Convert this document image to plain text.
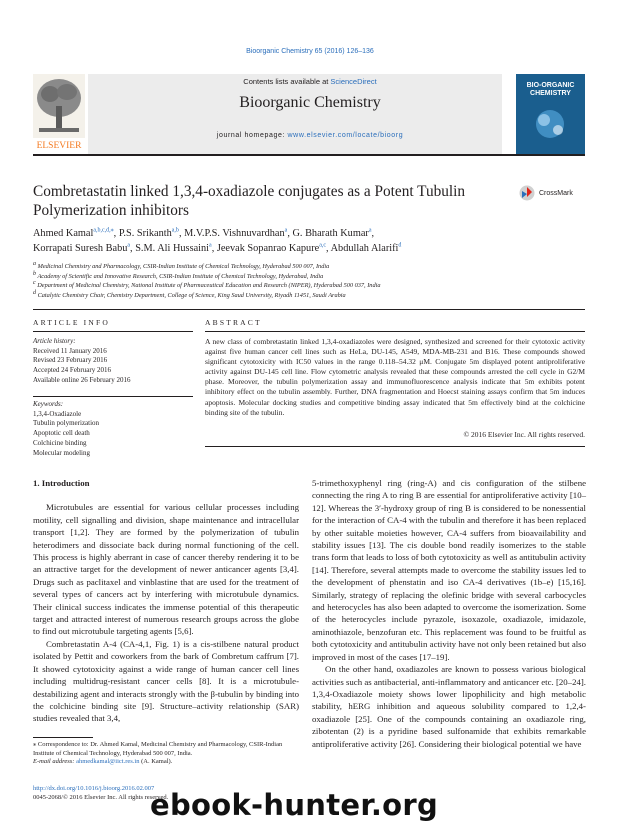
Bioorganic Chemistry 65 (2016) 126–136
Contents lists available at ScienceDirect
Bioorganic Chemistry
journal homepage: www.elsevier.com/locate/bioorg
ELSEVIER
BIO-ORGANIC
CHEMISTRY
Combretastatin linked 1,3,4-oxadiazole conjugates as a Potent Tubulin Polymerization inhibitors
CrossMark
Ahmed Kamal$^{a,b,c,d,⁎}$, P.S. Srikanth$^{a,b}$, M.V.P.S. Vishnuvardhan$^a$, G. Bharath Kumar$^a$,
Korrapati Suresh Babu$^a$, S.M. Ali Hussaini$^a$, Jeevak Sopanrao Kapure$^{a,c}$, Abdullah Alarifi$^d$
$^a$ Medicinal Chemistry and Pharmacology, CSIR-Indian Institute of Chemical Technology, Hyderabad 500 007, India
$^b$ Academy of Scientific and Innovative Research, CSIR-Indian Institute of Chemical Technology, Hyderabad, India
$^c$ Department of Medicinal Chemistry, National Institute of Pharmaceutical Education and Research (NIPER), Hyderabad 500 037, India
$^d$ Catalytic Chemistry Chair, Chemistry Department, College of Science, King Saud University, Riyadh 11451, Saudi Arabia
ARTICLE INFO	ABSTRACT
Article history:
Received 11 January 2016
Revised 23 February 2016
Accepted 24 February 2016
Available online 26 February 2016
Keywords:
1,3,4-Oxadiazole
Tubulin polymerization
Apoptotic cell death
Colchicine binding
Molecular modeling
A new class of combretastatin linked 1,3,4-oxadiazoles were designed, synthesized and screened for their cytotoxic activity against five human cancer cell lines such as HeLa, DU-145, A549, MDA-MB-231 and B16. These compounds showed significant cytotoxicity with IC50 values in the range 0.118–54.32 μM. Conjugate 5m displayed potent antiproliferative activity against DU-145 cell line. Flow cytometric analysis revealed that these compounds arrested the cell cycle in G2/M phase. Moreover, the tubulin polymerization assay and immunofluorescence analysis indicate that 5m exhibits potent inhibitory effect on the tubulin assembly. Further, DNA fragmentation and Hoecst staining assays confirm that 5m induces apoptosis. Molecular docking studies and competitive binding assay indicated that 5m effectively bind at the colchicine binding site of the tubulin.
© 2016 Elsevier Inc. All rights reserved.

1. Introduction

Microtubules are essential for various cellular processes including motility, cell signalling and division, shape maintenance and intracellular transport [1,2]. They are formed by the polymerization of tubulin heterodimers and dissociate back during normal functioning of the cell. This process is highly aberrant in case of cancer thereby rendering it to be an attractive target for the development of newer anticancer agents [3,4]. Drugs such as paclitaxel and vinblastine that are used for the treatment of several types of cancers act by interfering with microtubule dynamics. Their clinical success indicates the immense potential of this therapeutic target and attracted interest of numerous research groups across the globe to find out microtubule targeting agents [5,6].

Combretastatin A-4 (CA-4,1, Fig. 1) is a cis-stilbene natural product isolated by Pettit and coworkers from the bark of Combretum caffrum [7]. It showed cytotoxicity against a wide range of human cancer cell lines including multidrug-resistant cancer cells [8]. It is a microtubule-destabilizing agent and interacts strongly with the β-tubulin by binding into the colchicine binding site [9]. Structure–activity relationship (SAR) studies revealed that 3,4,

5-trimethoxyphenyl ring (ring-A) and cis configuration of the stilbene connecting the ring A to ring B are essential for antiproliferative activity [10–12]. Whereas the 3′-hydroxy group of ring B is considered to be nonessential for the interaction of CA-4 with the tubulin and therefore it has been replaced by other suitable moieties however, CA-4 suffers from bioavailability and stability issues [13]. The cis double bond readily isomerizes to the stable trans form that leads to loss of both cytotoxicity as well as antitubulin activity [14]. Therefore, several attempts made to overcome the stability issues led to the development of phenstatin and iso CA-4 derivatives (1b–e) [15,16]. Similarly, strategy of replacing the olefinic bridge with several carbocycles and heterocycles has also been adapted to overcome the isomerization. Some of the heterocycles include pyrazole, isoxazole, oxadiazole, imidazole, aminothiazole, benzofuran etc. This replacement was found to be fruitful as both cytotoxicity and antitubulin activity have not only been retained but also improved in most of the cases [17–19].

On the other hand, oxadiazoles are known to possess various biological activities such as antibacterial, anti-inflammatory and anticancer etc. [20–24]. 1,3,4-Oxadiazole moiety shows lower lipophilicity and high metabolic stability, hERG inhibition and aqueous solubility compared to 1,2,4-oxadiazole [25]. One of the compounds containing an oxadiazole ring, zibotentan (2) is a pyridine based sulfonamide that exhibits remarkable antiproliferative activity [26]. Considering their biological potential we have

⁎ Correspondence to: Dr. Ahmed Kamal, Medicinal Chemistry and Pharmacology, CSIR-Indian Institute of Chemical Technology, Hyderabad 500 007, India.

E-mail address: ahmedkamal@iict.res.in (A. Kamal).

http://dx.doi.org/10.1016/j.bioorg.2016.02.007
0045-2068/© 2016 Elsevier Inc. All rights reserved.
ebook-hunter.org
